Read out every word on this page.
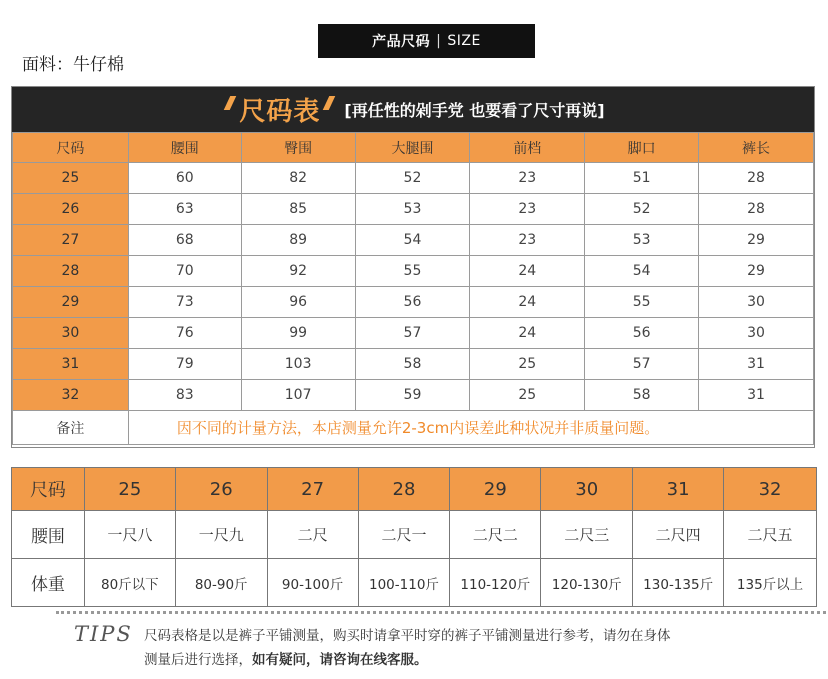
产品尺码 | SIZE
面料：牛仔棉
尺码表	[再任性的剁手党 也要看了尺寸再说]
尺码	腰围	臀围	大腿围	前档	脚口	裤长
25	60	82	52	23	51	28
26	63	85	53	23	52	28
27	68	89	54	23	53	29
28	70	92	55	24	54	29
29	73	96	56	24	55	30
30	76	99	57	24	56	30
31	79	103	58	25	57	31
32	83	107	59	25	58	31
备注	因不同的计量方法，本店测量允许2-3cm内误差此种状况并非质量问题。					
尺码	25	26	27	28	29	30	31	32
腰围	一尺八	一尺九	二尺	二尺一	二尺二	二尺三	二尺四	二尺五
体重	80斤以下	80-90斤	90-100斤	100-110斤	110-120斤	120-130斤	130-135斤	135斤以上
TIPS 尺码表格是以是裤子平铺测量，购买时请拿平时穿的裤子平铺测量进行参考，请勿在身体
测量后进行选择，如有疑问，请咨询在线客服。
